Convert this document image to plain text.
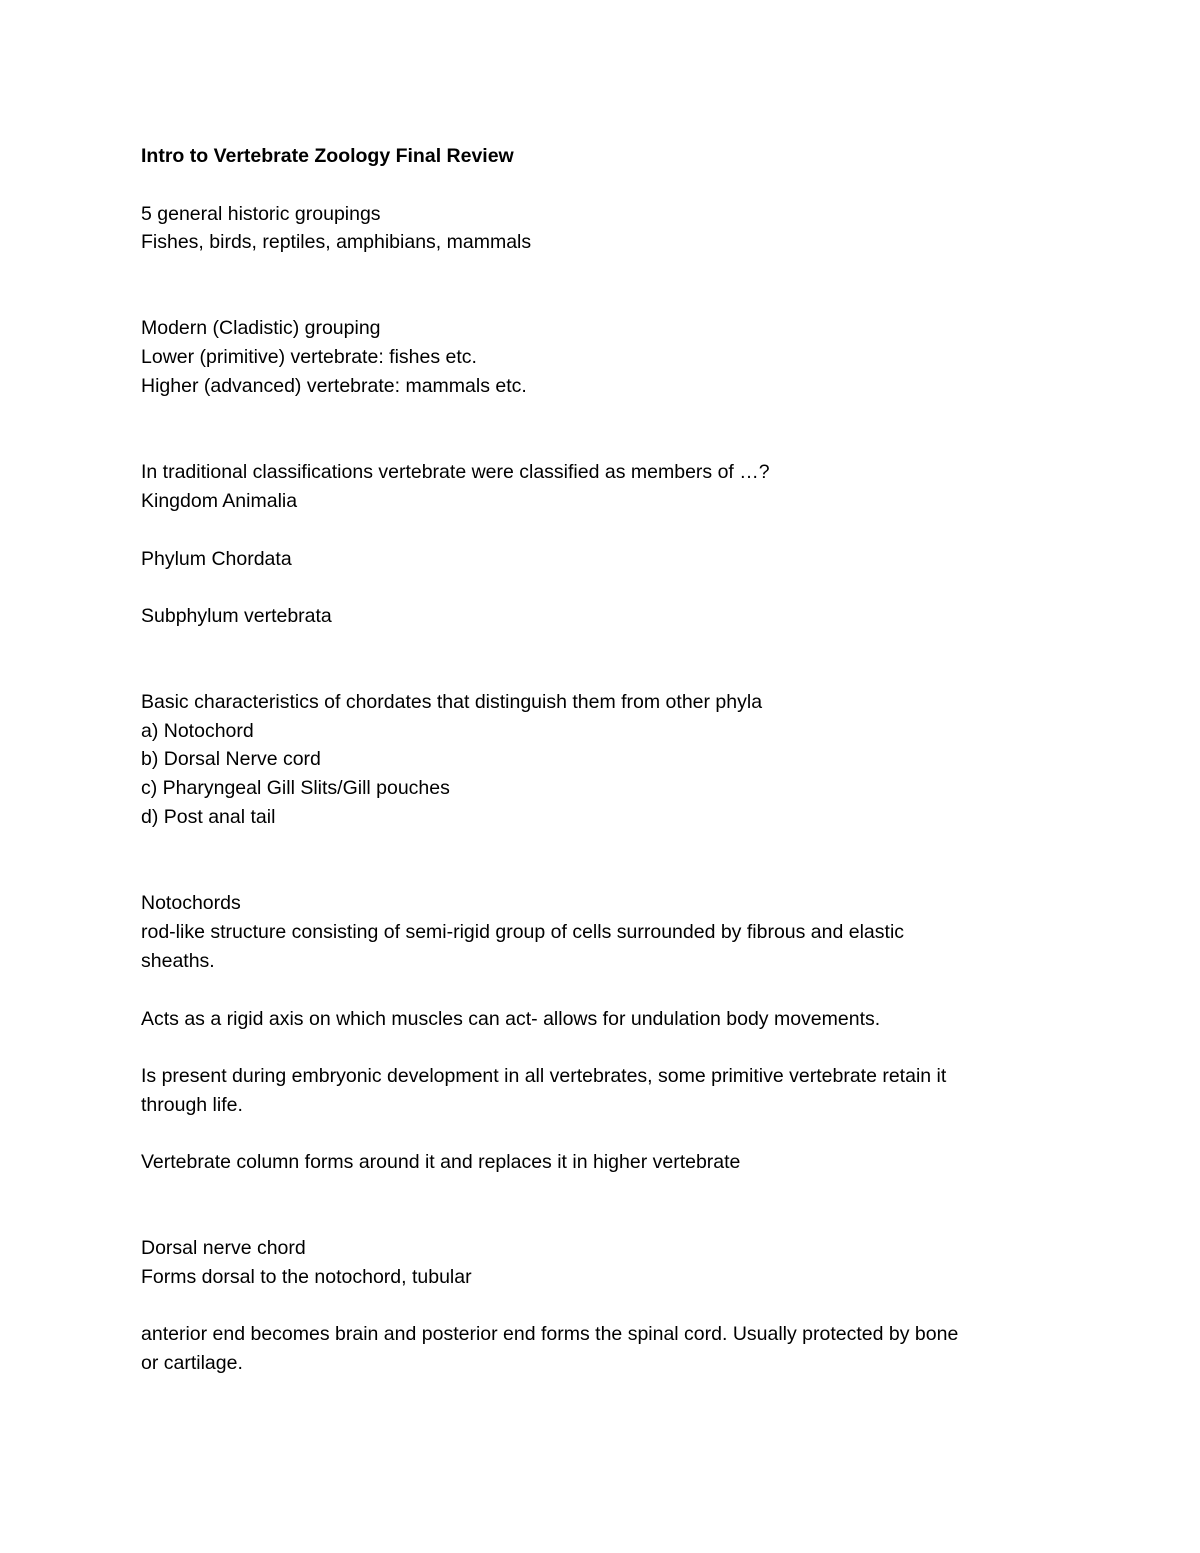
Intro to Vertebrate Zoology Final Review
5 general historic groupings
Fishes, birds, reptiles, amphibians, mammals
Modern (Cladistic) grouping
Lower (primitive) vertebrate: fishes etc.
Higher (advanced) vertebrate: mammals etc.
In traditional classifications vertebrate were classified as members of …?
Kingdom Animalia
Phylum Chordata
Subphylum vertebrata
Basic characteristics of chordates that distinguish them from other phyla
a) Notochord
b) Dorsal Nerve cord
c) Pharyngeal Gill Slits/Gill pouches
d) Post anal tail
Notochords
rod-like structure consisting of semi-rigid group of cells surrounded by fibrous and elastic
sheaths.
Acts as a rigid axis on which muscles can act- allows for undulation body movements.
Is present during embryonic development in all vertebrates, some primitive vertebrate retain it
through life.
Vertebrate column forms around it and replaces it in higher vertebrate
Dorsal nerve chord
Forms dorsal to the notochord, tubular
anterior end becomes brain and posterior end forms the spinal cord. Usually protected by bone
or cartilage.
